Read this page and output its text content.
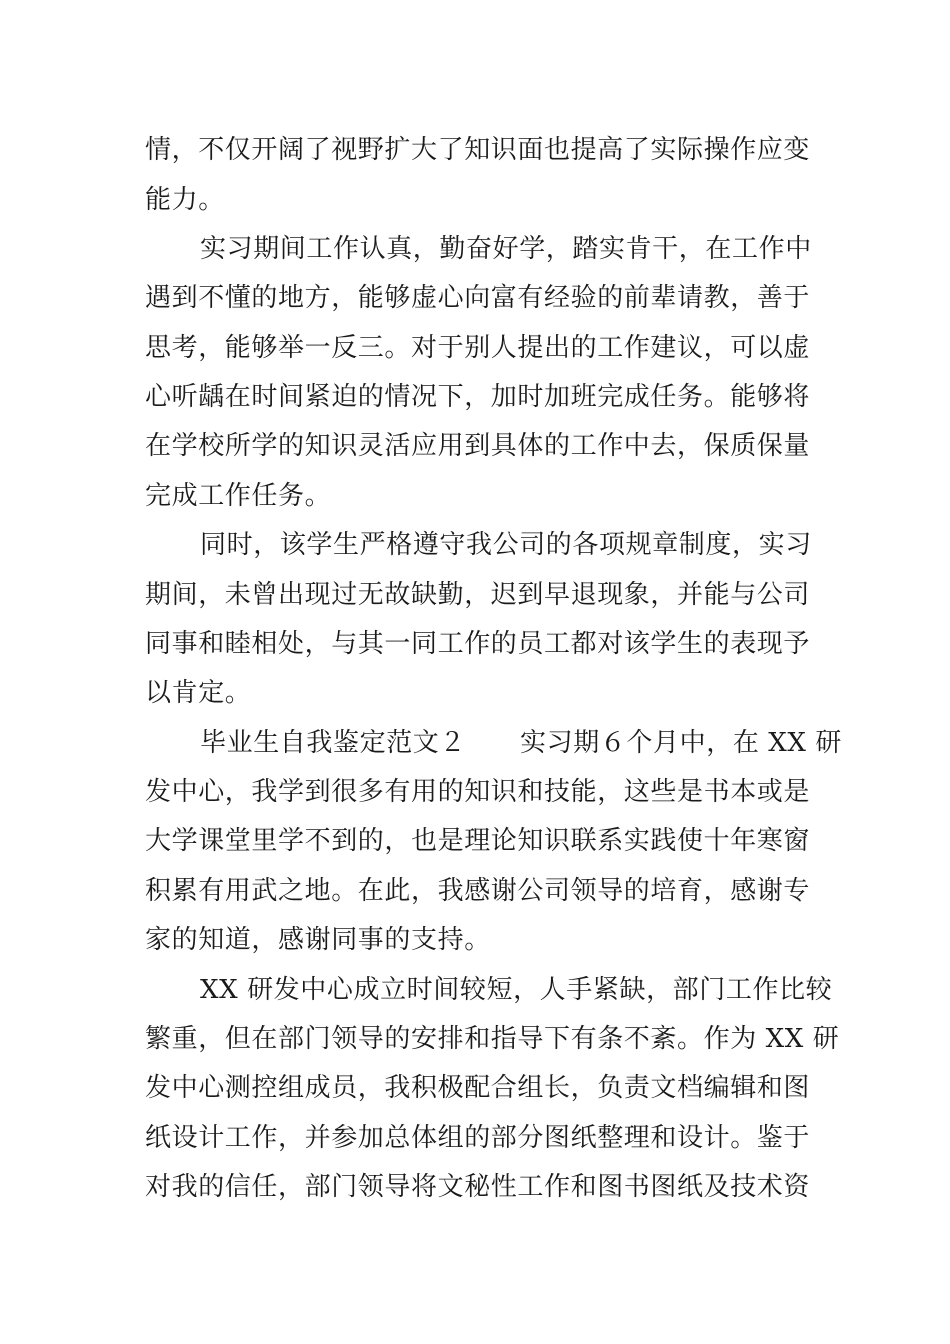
情，不仅开阔了视野扩大了知识面也提高了实际操作应变
能力。
实习期间工作认真，勤奋好学，踏实肯干，在工作中
遇到不懂的地方，能够虚心向富有经验的前辈请教，善于
思考，能够举一反三。对于别人提出的工作建议，可以虚
心听龋在时间紧迫的情况下，加时加班完成任务。能够将
在学校所学的知识灵活应用到具体的工作中去，保质保量
完成工作任务。
同时，该学生严格遵守我公司的各项规章制度，实习
期间，未曾出现过无故缺勤，迟到早退现象，并能与公司
同事和睦相处，与其一同工作的员工都对该学生的表现予
以肯定。
毕业生自我鉴定范文２ 实习期６个月中，在 XX 研
发中心，我学到很多有用的知识和技能，这些是书本或是
大学课堂里学不到的，也是理论知识联系实践使十年寒窗
积累有用武之地。在此，我感谢公司领导的培育，感谢专
家的知道，感谢同事的支持。
XX 研发中心成立时间较短，人手紧缺，部门工作比较
繁重，但在部门领导的安排和指导下有条不紊。作为 XX 研
发中心测控组成员，我积极配合组长，负责文档编辑和图
纸设计工作，并参加总体组的部分图纸整理和设计。鉴于
对我的信任，部门领导将文秘性工作和图书图纸及技术资
